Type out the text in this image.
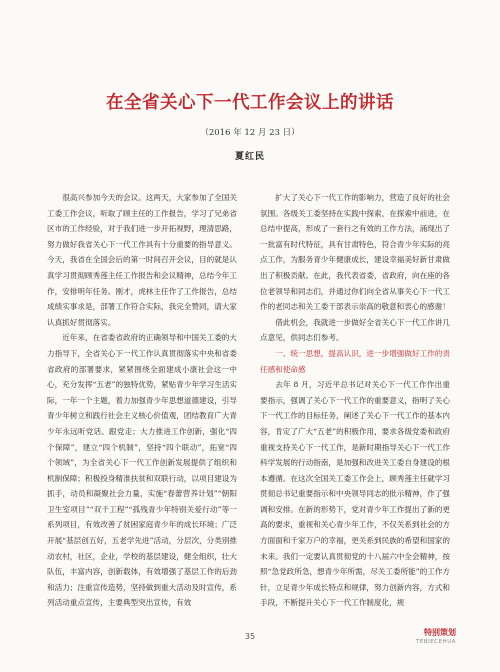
在全省关心下一代工作会议上的讲话
（2016 年 12 月 23 日）
夏红民

很高兴参加今天的会议。这两天，大家参加了全国关工委工作会议，听取了顾主任的工作报告，学习了兄弟省区市的工作经验，对于我们进一步开拓视野，理清思路，努力做好我省关心下一代工作具有十分重要的指导意义。今天，我省在全国会后的第一时间召开会议，目的就是认真学习贯彻顾秀莲主任工作报告和会议精神，总结今年工作，安排明年任务。刚才，虎林主任作了工作报告，总结成绩实事求是，部署工作符合实际，我完全赞同，请大家认真抓好贯彻落实。

近年来，在省委省政府的正确领导和中国关工委的大力指导下，全省关心下一代工作认真贯彻落实中央和省委省政府的部署要求，紧紧围绕全面建成小康社会这一中心，充分发挥“五老”的独特优势，紧贴青少年学习生活实际，一年一个主题，着力加强青少年思想道德建设，引导青少年树立和践行社会主义核心价值观，团结教育广大青少年永远听党话、跟党走；大力推进工作创新，强化“四个保障”，建立“四个机制”，坚持“四个联动”，拓宽“四个领域”，为全省关心下一代工作创新发展提供了组织和机制保障；积极投身精准扶贫和双联行动，以项目建设为抓手，动员和凝聚社会力量，实施“春蕾营养计划”“朝阳卫生室项目”“双千工程”“孤残青少年特别关爱行动”等一系列项目，有效改善了贫困家庭青少年的成长环境；广泛开展“基层创五好，五老学先进”活动，分层次，分类别推动农村，社区，企业，学校的基层建设，健全组织，壮大队伍，丰富内容，创新载体，有效增强了基层工作的后劲和活力；注重宣传造势，坚持做到重大活动及时宣传，系列活动重点宣传，主要典型突出宣传，有效

扩大了关心下一代工作的影响力，营造了良好的社会氛围。各级关工委坚持在实践中探索，在探索中前进，在总结中提高，形成了一套行之有效的工作方法，涌现出了一批富有时代特征，具有甘肃特色，符合青少年实际的亮点工作，为服务青少年健康成长，建设幸福美好新甘肃做出了积极贡献。在此，我代表省委，省政府，向在座的各位老领导和同志们，并通过你们向全省从事关心下一代工作的老同志和关工委干部表示崇高的敬意和衷心的感谢！

借此机会，我就进一步做好全省关心下一代工作讲几点意见，供同志们参考。

一、统一思想，提高认识，进一步增强做好工作的责任感和使命感

去年 8 月，习近平总书记对关心下一代工作作出重要指示，强调了关心下一代工作的重要意义，指明了关心下一代工作的目标任务，阐述了关心下一代工作的基本内容，肯定了广大“五老”的积极作用，要求各级党委和政府重视支持关心下一代工作，是新时期指导关心下一代工作科学发展的行动指南，是加强和改进关工委自身建设的根本遵循。在这次全国关工委工作会上，顾秀莲主任就学习贯彻总书记重要指示和中央领导同志的批示精神，作了强调和安排。在新的形势下，党对青少年工作提出了新的更高的要求，重视和关心青少年工作，不仅关系到社会的方方面面和千家万户的幸福，更关系到民族的希望和国家的未来。我们一定要认真贯彻党的十八届六中全会精神，按照“急党政所急，想青少年所需，尽关工委所能”的工作方针，立足青少年成长特点和规律，努力创新内容，方式和手段，不断提升关心下一代工作制度化，规

35	特别策划
TEBIECEHUA
